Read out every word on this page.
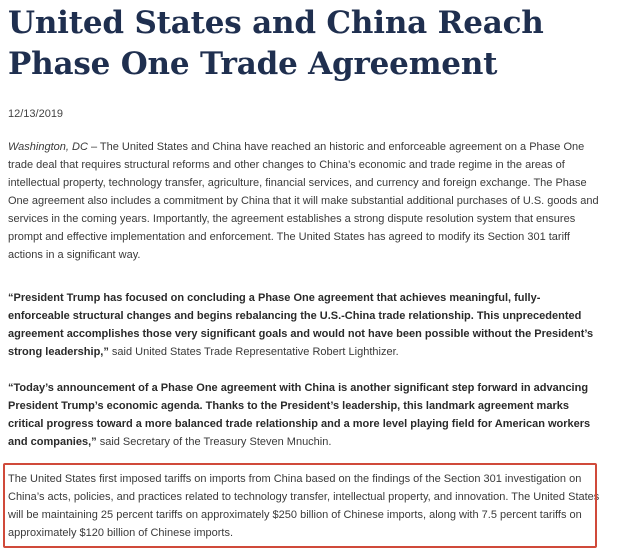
United States and China Reach Phase One Trade Agreement
12/13/2019

Washington, DC – The United States and China have reached an historic and enforceable agreement on a Phase One trade deal that requires structural reforms and other changes to China’s economic and trade regime in the areas of intellectual property, technology transfer, agriculture, financial services, and currency and foreign exchange. The Phase One agreement also includes a commitment by China that it will make substantial additional purchases of U.S. goods and services in the coming years. Importantly, the agreement establishes a strong dispute resolution system that ensures prompt and effective implementation and enforcement. The United States has agreed to modify its Section 301 tariff actions in a significant way.

“President Trump has focused on concluding a Phase One agreement that achieves meaningful, fully-enforceable structural changes and begins rebalancing the U.S.-China trade relationship. This unprecedented agreement accomplishes those very significant goals and would not have been possible without the President’s strong leadership,” said United States Trade Representative Robert Lighthizer.

“Today’s announcement of a Phase One agreement with China is another significant step forward in advancing President Trump’s economic agenda. Thanks to the President’s leadership, this landmark agreement marks critical progress toward a more balanced trade relationship and a more level playing field for American workers and companies,” said Secretary of the Treasury Steven Mnuchin.

The United States first imposed tariffs on imports from China based on the findings of the Section 301 investigation on China’s acts, policies, and practices related to technology transfer, intellectual property, and innovation. The United States will be maintaining 25 percent tariffs on approximately $250 billion of Chinese imports, along with 7.5 percent tariffs on approximately $120 billion of Chinese imports.
